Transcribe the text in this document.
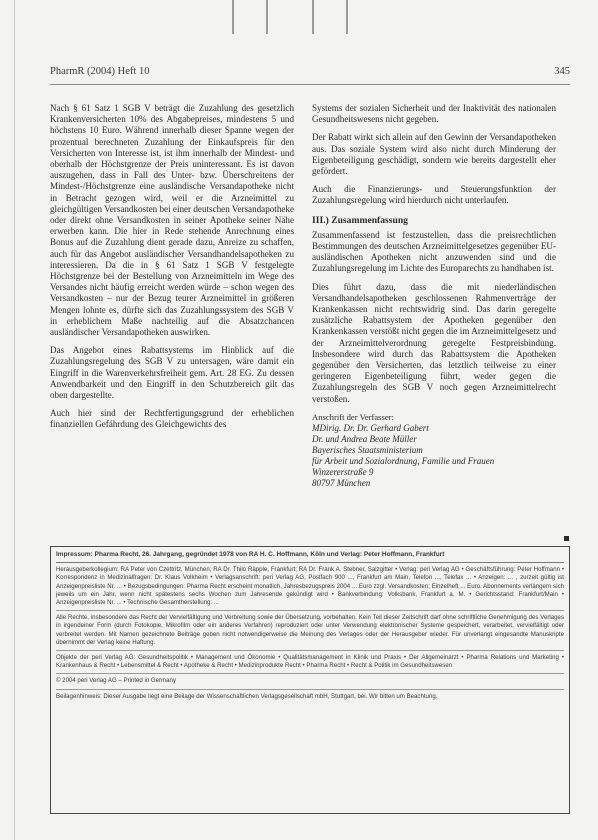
PharmR (2004) Heft 10	345

Nach § 61 Satz 1 SGB V beträgt die Zuzahlung des gesetzlich Krankenversicherten 10% des Abgabepreises, mindestens 5 und höchstens 10 Euro. Während innerhalb dieser Spanne wegen der prozentual berechneten Zuzahlung der Einkaufspreis für den Versicherten von Interesse ist, ist ihm innerhalb der Mindest- und oberhalb der Höchstgrenze der Preis uninteressant. Es ist davon auszugehen, dass in Fall des Unter- bzw. Überschreitens der Mindest-/Höchstgrenze eine ausländische Versandapotheke nicht in Betracht gezogen wird, weil er die Arzneimittel zu gleichgültigen Versandkosten bei einer deutschen Versandapotheke oder direkt ohne Versandkosten in seiner Apotheke seiner Nähe erwerben kann. Die hier in Rede stehende Anrechnung eines Bonus auf die Zuzahlung dient gerade dazu, Anreize zu schaffen, auch für das Angebot ausländischer Versandhandelsapotheken zu interessieren. Da die in § 61 Satz 1 SGB V festgelegte Höchstgrenze bei der Bestellung von Arzneimitteln im Wege des Versandes nicht häufig erreicht werden würde – schon wegen des Versandkosten – nur der Bezug teurer Arzneimittel in größeren Mengen lohnte es, dürfte sich das Zuzahlungssystem des SGB V in erheblichem Maße nachteilig auf die Absatzchancen ausländischer Versandapotheken auswirken.

Das Angebot eines Rabattsystems im Hinblick auf die Zuzahlungsregelung des SGB V zu untersagen, wäre damit ein Eingriff in die Warenverkehrsfreiheit gem. Art. 28 EG. Zu dessen Anwendbarkeit und den Eingriff in den Schutzbereich gilt das oben dargestellte.

Auch hier sind der Rechtfertigungsgrund der erheblichen finanziellen Gefährdung des Gleichgewichts des

Systems der sozialen Sicherheit und der Inaktivität des nationalen Gesundheitswesens nicht gegeben.

Der Rabatt wirkt sich allein auf den Gewinn der Versandapotheken aus. Das soziale System wird also nicht durch Minderung der Eigenbeteiligung geschädigt, sondern wie bereits dargestellt eher gefördert.

Auch die Finanzierungs- und Steuerungsfunktion der Zuzahlungsregelung wird hierdurch nicht unterlaufen.

III.) Zusammenfassung

Zusammenfassend ist festzustellen, dass die preisrechtlichen Bestimmungen des deutschen Arzneimittelgesetzes gegenüber EU-ausländischen Apotheken nicht anzuwenden sind und die Zuzahlungsregelung im Lichte des Europarechts zu handhaben ist.

Dies führt dazu, dass die mit niederländischen Versandhandelsapotheken geschlossenen Rahmenverträge der Krankenkassen nicht rechtswidrig sind. Das darin geregelte zusätzliche Rabattsystem der Apotheken gegenüber den Krankenkassen verstößt nicht gegen die im Arzneimittelgesetz und der Arzneimittelverordnung geregelte Festpreisbindung. Insbesondere wird durch das Rabattsystem die Apotheken gegenüber den Versicherten, das letztlich teilweise zu einer geringeren Eigenbeteiligung führt, weder gegen die Zuzahlungsregeln des SGB V noch gegen Arzneimittelrecht verstoßen.

Anschrift der Verfasser:
MDirig. Dr. Dr. Gerhard Gabert
Dr. und Andrea Beate Müller
Bayerisches Staatsministerium
für Arbeit und Sozialordnung, Familie und Frauen
Winzererstraße 9
80797 München
Impressum: Pharma Recht, 26. Jahrgang, gegründet 1978 von RA H. C. Hoffmann, Köln und Verlag: Peter Hoffmann, Frankfurt
Herausgeberkollegium: RA Peter von Czettritz, München; RA Dr. Thilo Räpple, Frankfurt; RA Dr. Frank A. Stebner, Salzgitter • Verlag: peri Verlag AG • Geschäftsführung: Peter Hoffmann • Korrespondenz in Medizinalfragen: Dr. Klaus Volkheim • Verlagsanschrift: peri Verlag AG, Postfach 900 ..., Frankfurt am Main, Telefon ..., Telefax ... • Anzeigen: ... , zurzeit gültig ist Anzeigenpreisliste Nr. ... • Bezugsbedingungen: Pharma Recht erscheint monatlich, Jahresbezugspreis 2004 ... Euro zzgl. Versandkosten; Einzelheft ... Euro. Abonnements verlängern sich jeweils um ein Jahr, wenn nicht spätestens sechs Wochen zum Jahresende gekündigt wird • Bankverbindung: Volksbank, Frankfurt a. M. • Gerichtsstand: Frankfurt/Main • Anzeigenpreisliste Nr. ... • Technische Gesamtherstellung: ...
Alle Rechte, insbesondere das Recht der Vervielfältigung und Verbreitung sowie der Übersetzung, vorbehalten. Kein Teil dieser Zeitschrift darf ohne schriftliche Genehmigung des Verlages in irgendeiner Form (durch Fotokopie, Mikrofilm oder ein anderes Verfahren) reproduziert oder unter Verwendung elektronischer Systeme gespeichert, verarbeitet, vervielfältigt oder verbreitet werden. Mit Namen gezeichnete Beiträge geben nicht notwendigerweise die Meinung des Verlages oder der Herausgeber wieder. Für unverlangt eingesandte Manuskripte übernimmt der Verlag keine Haftung.
Objekte der peri Verlag AG: Gesundheitspolitik • Management und Ökonomie • Qualitätsmanagement in Klinik und Praxis • Der Allgemeinarzt • Pharma Relations und Marketing • Krankenhaus & Recht • Lebensmittel & Recht • Apotheke & Recht • Medizinprodukte Recht • Pharma Recht • Recht & Politik im Gesundheitswesen
© 2004 peri Verlag AG – Printed in Germany
Beilagenhinweis: Dieser Ausgabe liegt eine Beilage der Wissenschaftlichen Verlagsgesellschaft mbH, Stuttgart, bei. Wir bitten um Beachtung.
